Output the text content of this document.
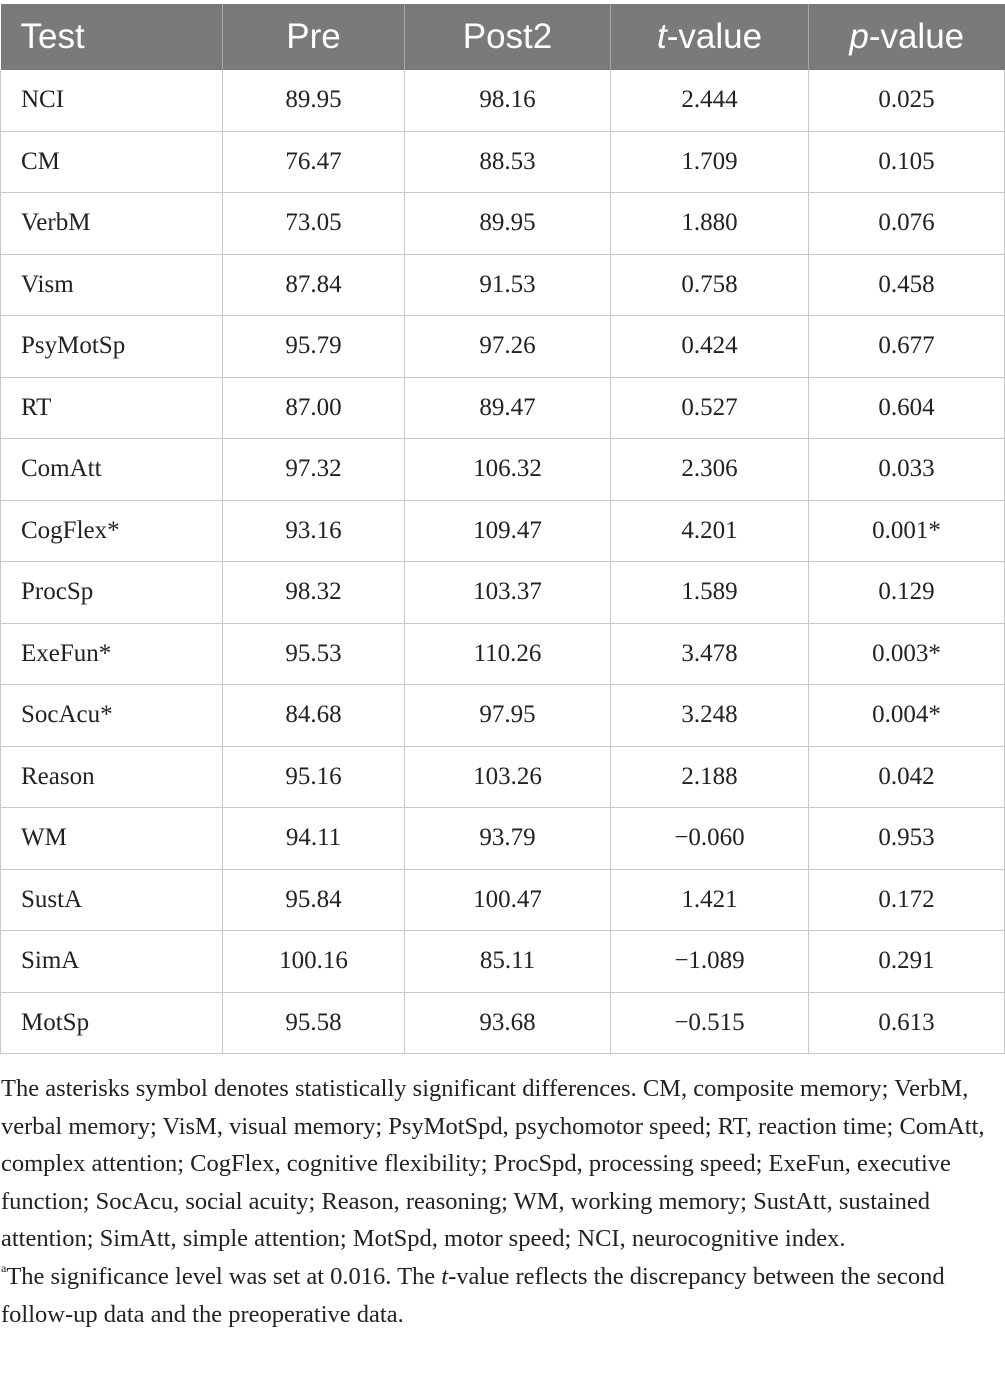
Test	Pre	Post2	t-value	p-value
NCI	89.95	98.16	2.444	0.025
CM	76.47	88.53	1.709	0.105
VerbM	73.05	89.95	1.880	0.076
Vism	87.84	91.53	0.758	0.458
PsyMotSp	95.79	97.26	0.424	0.677
RT	87.00	89.47	0.527	0.604
ComAtt	97.32	106.32	2.306	0.033
CogFlex*	93.16	109.47	4.201	0.001*
ProcSp	98.32	103.37	1.589	0.129
ExeFun*	95.53	110.26	3.478	0.003*
SocAcu*	84.68	97.95	3.248	0.004*
Reason	95.16	103.26	2.188	0.042
WM	94.11	93.79	−0.060	0.953
SustA	95.84	100.47	1.421	0.172
SimA	100.16	85.11	−1.089	0.291
MotSp	95.58	93.68	−0.515	0.613

The asterisks symbol denotes statistically significant differences. CM, composite memory; VerbM, verbal memory; VisM, visual memory; PsyMotSpd, psychomotor speed; RT, reaction time; ComAtt, complex attention; CogFlex, cognitive flexibility; ProcSpd, processing speed; ExeFun, executive function; SocAcu, social acuity; Reason, reasoning; WM, working memory; SustAtt, sustained attention; SimAtt, simple attention; MotSpd, motor speed; NCI, neurocognitive index.

$^a$The significance level was set at 0.016. The t-value reflects the discrepancy between the second follow-up data and the preoperative data.
